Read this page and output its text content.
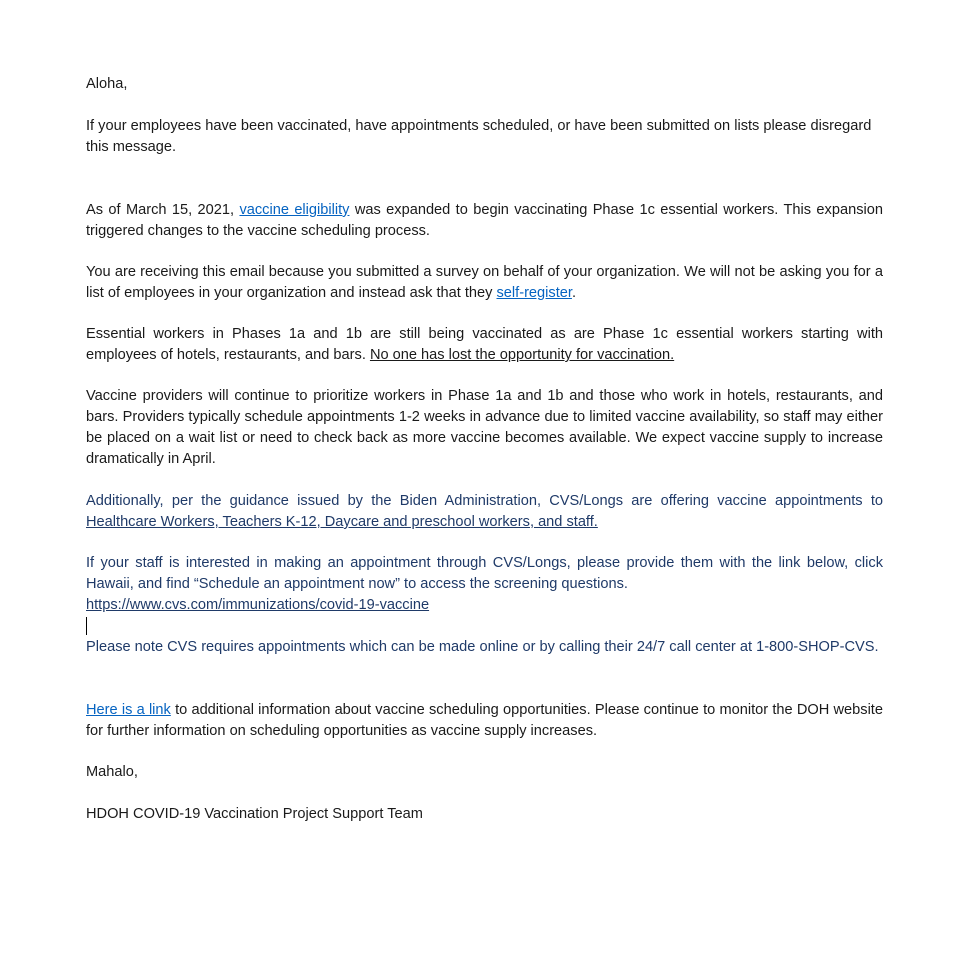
Aloha,

If your employees have been vaccinated, have appointments scheduled, or have been submitted on lists please disregard this message.

As of March 15, 2021, vaccine eligibility was expanded to begin vaccinating Phase 1c essential workers. This expansion triggered changes to the vaccine scheduling process.

You are receiving this email because you submitted a survey on behalf of your organization. We will not be asking you for a list of employees in your organization and instead ask that they self-register.

Essential workers in Phases 1a and 1b are still being vaccinated as are Phase 1c essential workers starting with employees of hotels, restaurants, and bars. No one has lost the opportunity for vaccination.

Vaccine providers will continue to prioritize workers in Phase 1a and 1b and those who work in hotels, restaurants, and bars. Providers typically schedule appointments 1-2 weeks in advance due to limited vaccine availability, so staff may either be placed on a wait list or need to check back as more vaccine becomes available. We expect vaccine supply to increase dramatically in April.

Additionally, per the guidance issued by the Biden Administration, CVS/Longs are offering vaccine appointments to Healthcare Workers, Teachers K-12, Daycare and preschool workers, and staff.

If your staff is interested in making an appointment through CVS/Longs, please provide them with the link below, click Hawaii, and find “Schedule an appointment now” to access the screening questions.
https://www.cvs.com/immunizations/covid-19-vaccine

Please note CVS requires appointments which can be made online or by calling their 24/7 call center at 1-800-SHOP-CVS.

Here is a link to additional information about vaccine scheduling opportunities. Please continue to monitor the DOH website for further information on scheduling opportunities as vaccine supply increases.

Mahalo,

HDOH COVID-19 Vaccination Project Support Team
